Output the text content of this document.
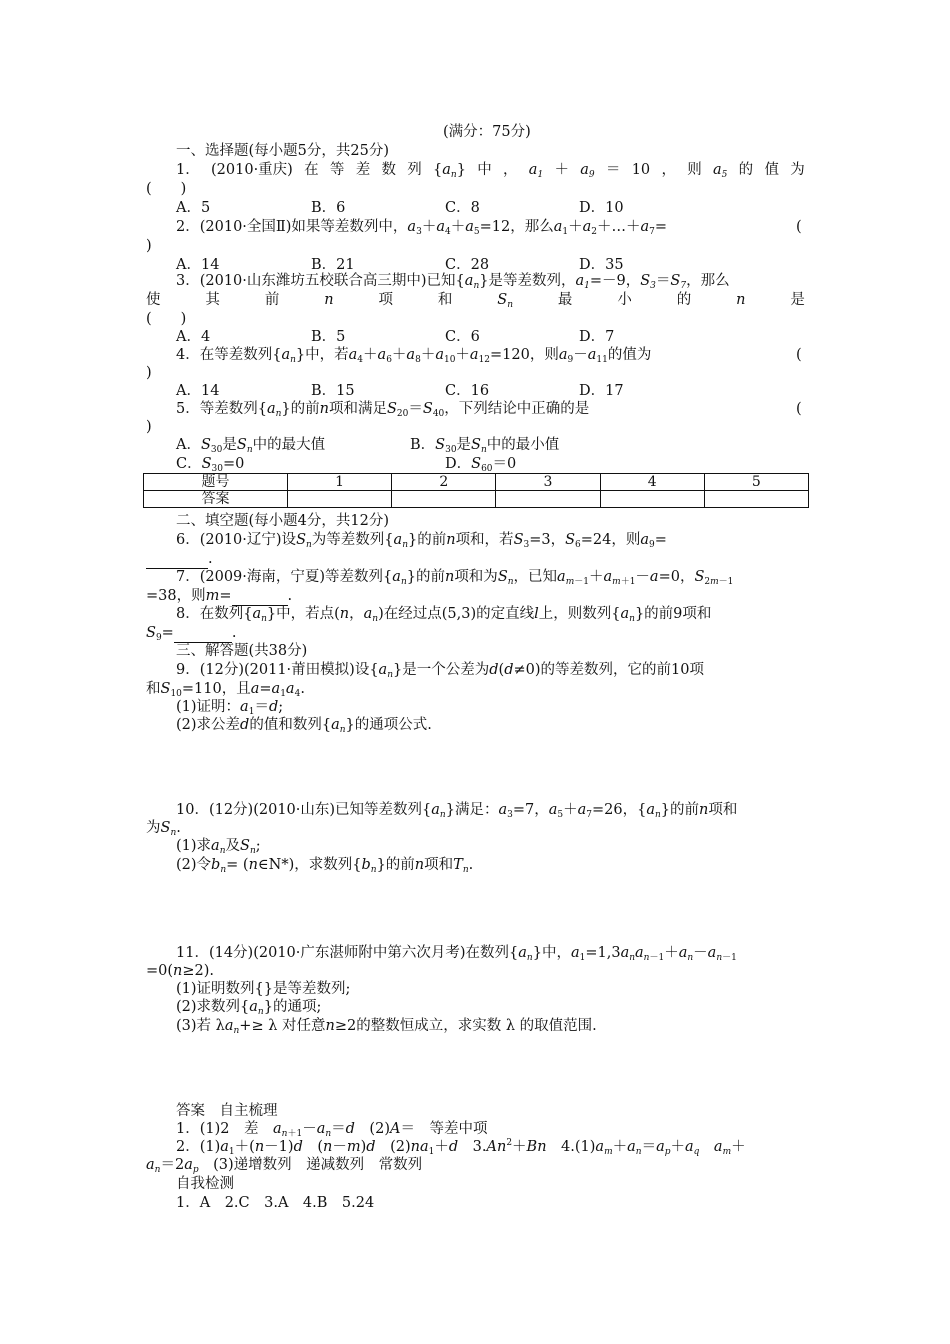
(满分：75分)
一、选择题(每小题5分，共25分)
1． (2010·重庆) 在 等 差 数 列 $\{a_n\}$ 中 ， $a_1 + a_9 = 10$ ， 则 $a_5$ 的 值 为
(　　)
A．5	B．6	C．8	D．10
2．(2010·全国Ⅱ)如果等差数列中，$a_3+a_4+a_5=12$，那么$a_1+a_2+\dots+a_7=$	(
)
A．14	B．21	C．28	D．35
3．(2010·山东潍坊五校联合高三期中)已知$\{a_n\}$是等差数列，$a_1=-9$，$S_3=S_7$，那么
使	其	前	n	项	和	$S_n$	最	小	的	n	是
(　　)
A．4	B．5	C．6	D．7
4．在等差数列$\{a_n\}$中，若$a_4+a_6+a_8+a_{10}+a_{12}=120$，则$a_9-a_{11}$的值为	(
)
A．14	B．15	C．16	D．17
5．等差数列$\{a_n\}$的前n项和满足$S_{20}=S_{40}$，下列结论中正确的是	(
)
A．$S_{30}$是$S_n$中的最大值	B．$S_{30}$是$S_n$中的最小值
C．$S_{30}=0$	D．$S_{60}=0$
题号	1	2	3	4	5
答案					
二、填空题(每小题4分，共12分)
6．(2010·辽宁)设$S_n$为等差数列$\{a_n\}$的前n项和，若$S_3=3$，$S_6=24$，则$a_9=$
.
7．(2009·海南，宁夏)等差数列$\{a_n\}$的前n项和为$S_n$，已知$a_{m-1}+a_{m+1}-a=0$，$S_{2m-1}$
=38，则m=	.
8．在数列$\{a_n\}$中，若点(n，$a_n$)在经过点(5,3)的定直线l上，则数列$\{a_n\}$的前9项和
$S_9=$	.
三、解答题(共38分)
9．(12分)(2011·莆田模拟)设$\{a_n\}$是一个公差为d(d≠0)的等差数列，它的前10项
和$S_{10}=110$，且$a=a_1a_4$.
(1)证明：$a_1=d$;
(2)求公差d的值和数列$\{a_n\}$的通项公式.
10．(12分)(2010·山东)已知等差数列$\{a_n\}$满足：$a_3=7$，$a_5+a_7=26$，$\{a_n\}$的前n项和
为$S_n$.
(1)求$a_n$及$S_n$;
(2)令$b_n=$ (n∈N*)，求数列$\{b_n\}$的前n项和$T_n$.
11．(14分)(2010·广东湛师附中第六次月考)在数列$\{a_n\}$中，$a_1=1,3a_na_{n-1}+a_n-a_{n-1}$
=0(n≥2).
(1)证明数列{}是等差数列;
(2)求数列$\{a_n\}$的通项;
(3)若 $\lambda a_n+\ge \lambda$ 对任意n≥2的整数恒成立，求实数 λ 的取值范围.
答案　自主梳理
1．(1)2　差　$a_{n+1}-a_n=d$　(2)A＝　等差中项
2．$(1)a_1+(n-1)d$　(n－m)d　$(2)na_1+d$　$3.An^2+Bn$　$4.(1)a_m+a_n=a_p+a_q$　 $a_m+$
$a_n=2a_p$　(3)递增数列　递减数列　常数列
自我检测
1．A　2.C　3.A　4.B　5.24
